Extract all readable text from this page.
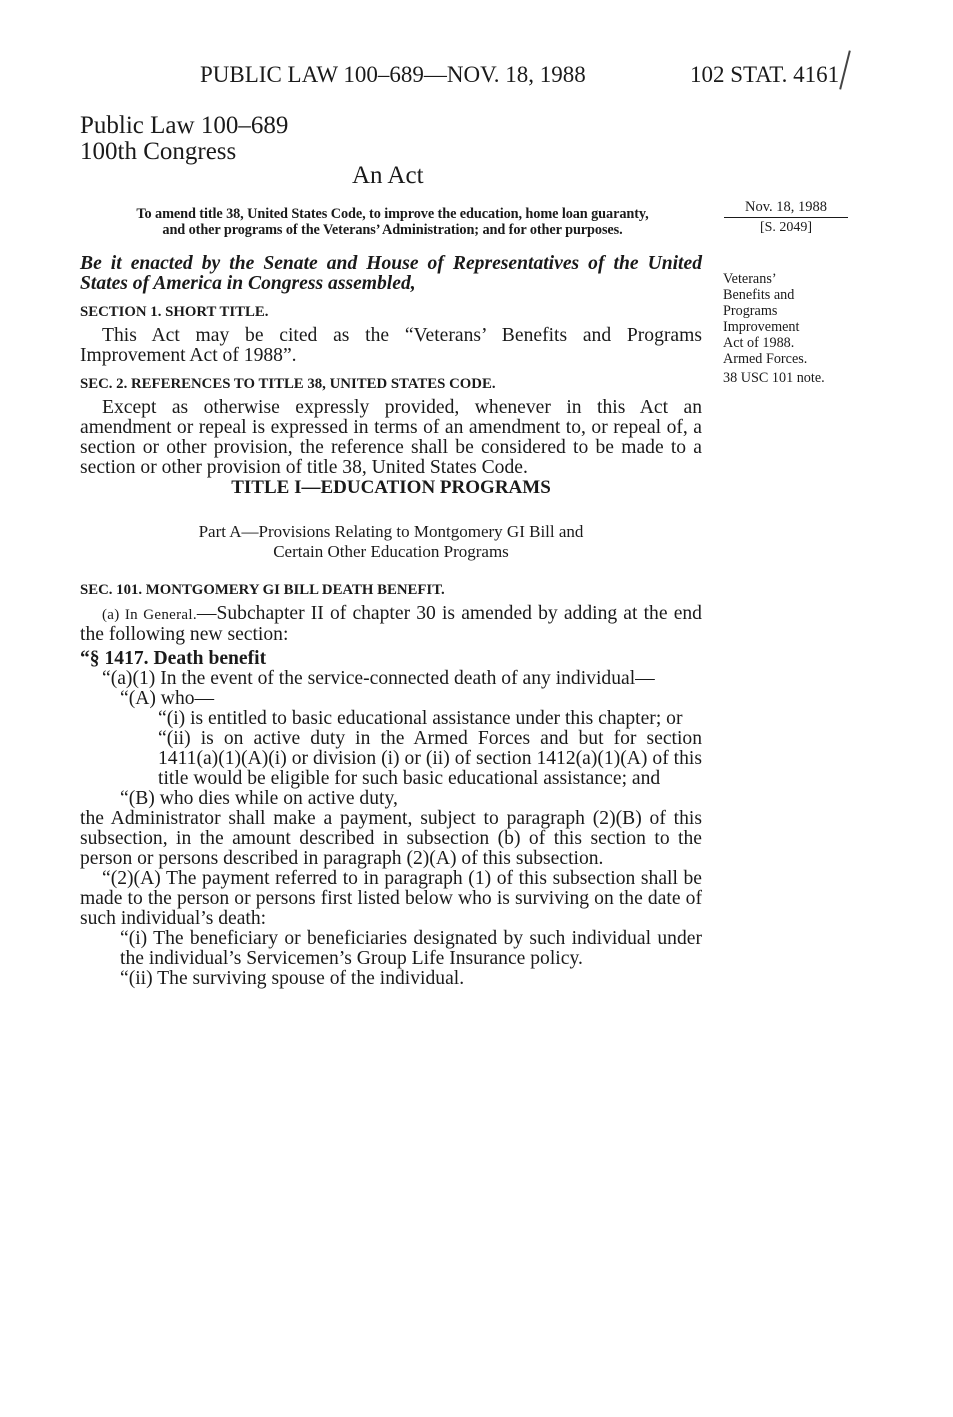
PUBLIC LAW 100–689—NOV. 18, 1988	102 STAT. 4161
Public Law 100–689
100th Congress
An Act
To amend title 38, United States Code, to improve the education, home loan guaranty,
and other programs of the Veterans’ Administration; and for other purposes.
Nov. 18, 1988
[S. 2049]
Veterans’
Benefits and
Programs
Improvement
Act of 1988.
Armed Forces.
38 USC 101 note.

Be it enacted by the Senate and House of Representatives of the United States of America in Congress assembled,

SECTION 1. SHORT TITLE.

This Act may be cited as the “Veterans’ Benefits and Programs Improvement Act of 1988”.

SEC. 2. REFERENCES TO TITLE 38, UNITED STATES CODE.

Except as otherwise expressly provided, whenever in this Act an amendment or repeal is expressed in terms of an amendment to, or repeal of, a section or other provision, the reference shall be considered to be made to a section or other provision of title 38, United States Code.

TITLE I—EDUCATION PROGRAMS

Part A—Provisions Relating to Montgomery GI Bill and
Certain Other Education Programs

SEC. 101. MONTGOMERY GI BILL DEATH BENEFIT.

(a) In General.—Subchapter II of chapter 30 is amended by adding at the end the following new section:

“§ 1417. Death benefit

“(a)(1) In the event of the service-connected death of any individual—

“(A) who—

“(i) is entitled to basic educational assistance under this chapter; or

“(ii) is on active duty in the Armed Forces and but for section 1411(a)(1)(A)(i) or division (i) or (ii) of section 1412(a)(1)(A) of this title would be eligible for such basic educational assistance; and

“(B) who dies while on active duty,

the Administrator shall make a payment, subject to paragraph (2)(B) of this subsection, in the amount described in subsection (b) of this section to the person or persons described in paragraph (2)(A) of this subsection.

“(2)(A) The payment referred to in paragraph (1) of this subsection shall be made to the person or persons first listed below who is surviving on the date of such individual’s death:

“(i) The beneficiary or beneficiaries designated by such individual under the individual’s Servicemen’s Group Life Insurance policy.

“(ii) The surviving spouse of the individual.
